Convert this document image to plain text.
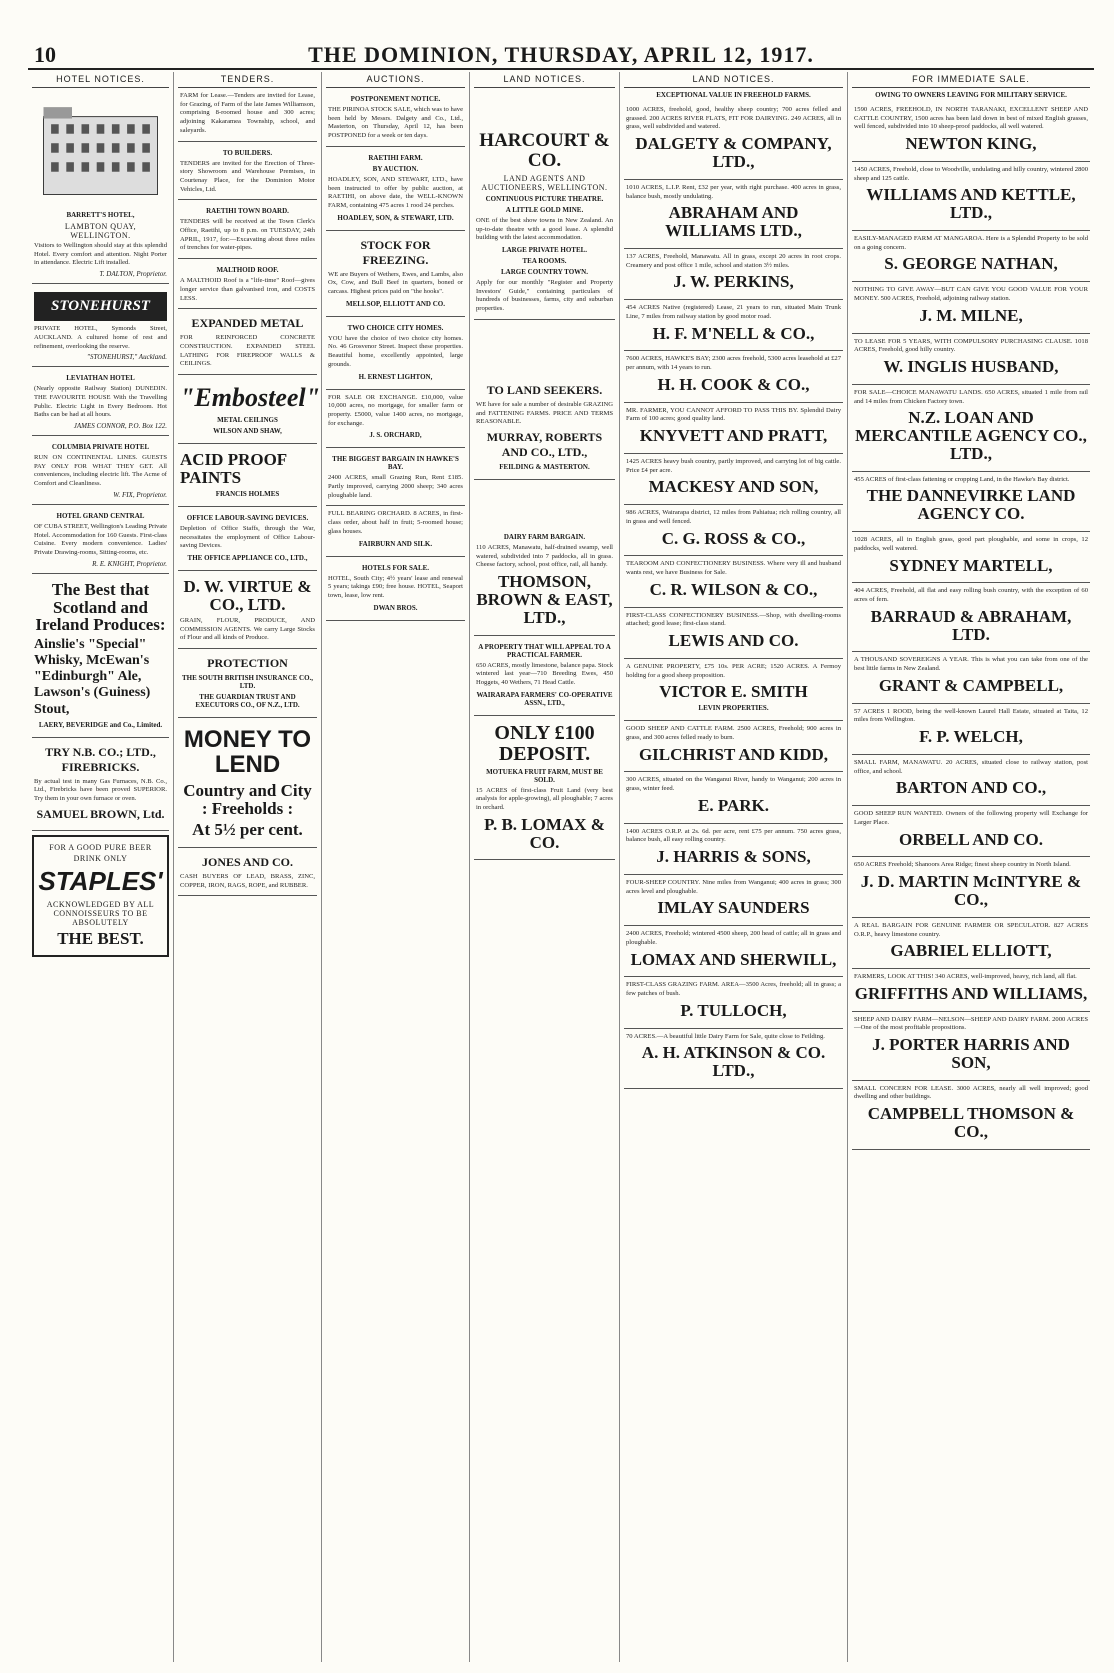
10	THE DOMINION, THURSDAY, APRIL 12, 1917.
HOTEL NOTICES.
BARRETT'S HOTEL,
LAMBTON QUAY, WELLINGTON.
Visitors to Wellington should stay at this splendid Hotel. Every comfort and attention. Night Porter in attendance. Electric Lift installed.
T. DALTON, Proprietor.
STONEHURST
PRIVATE HOTEL, Symonds Street, AUCKLAND. A cultured home of rest and refinement, overlooking the reserve.
"STONEHURST," Auckland.
LEVIATHAN HOTEL
(Nearly opposite Railway Station) DUNEDIN. THE FAVOURITE HOUSE With the Travelling Public. Electric Light in Every Bedroom. Hot Baths can be had at all hours.
JAMES CONNOR, P.O. Box 122.
COLUMBIA PRIVATE HOTEL
RUN ON CONTINENTAL LINES. GUESTS PAY ONLY FOR WHAT THEY GET. All conveniences, including electric lift. The Acme of Comfort and Cleanliness.
W. FIX, Proprietor.
HOTEL GRAND CENTRAL
OF CUBA STREET, Wellington's Leading Private Hotel. Accommodation for 160 Guests. First-class Cuisine. Every modern convenience. Ladies' Private Drawing-rooms, Sitting-rooms, etc.
R. E. KNIGHT, Proprietor.
The Best that Scotland and Ireland Produces:
Ainslie's "Special" Whisky, McEwan's "Edinburgh" Ale, Lawson's (Guiness) Stout,
LAERY, BEVERIDGE and Co., Limited.
TRY N.B. CO.; LTD., FIREBRICKS.
By actual test in many Gas Furnaces, N.B. Co., Ltd., Firebricks have been proved SUPERIOR. Try them in your own furnace or oven.
SAMUEL BROWN, Ltd.
FOR A GOOD PURE BEER
DRINK ONLY
STAPLES'
ACKNOWLEDGED BY ALL CONNOISSEURS TO BE ABSOLUTELY
THE BEST.
TENDERS.
FARM for Lease.—Tenders are invited for Lease, for Grazing, of Farm of the late James Williamson, comprising 8-roomed house and 300 acres; adjoining Kakaramea Township, school, and saleyards.
TO BUILDERS.
TENDERS are invited for the Erection of Three-story Showroom and Warehouse Premises, in Courtenay Place, for the Dominion Motor Vehicles, Ltd.
RAETIHI TOWN BOARD.
TENDERS will be received at the Town Clerk's Office, Raetihi, up to 8 p.m. on TUESDAY, 24th APRIL, 1917, for:—Excavating about three miles of trenches for water-pipes.
MALTHOID ROOF.
A MALTHOID Roof is a "life-time" Roof—gives longer service than galvanised iron, and COSTS LESS.
EXPANDED METAL
FOR REINFORCED CONCRETE CONSTRUCTION. EXPANDED STEEL LATHING FOR FIREPROOF WALLS & CEILINGS.
"Embosteel"
METAL CEILINGS
WILSON AND SHAW,
ACID PROOF PAINTS
FRANCIS HOLMES
OFFICE LABOUR-SAVING DEVICES.
Depletion of Office Staffs, through the War, necessitates the employment of Office Labour-saving Devices.
THE OFFICE APPLIANCE CO., LTD.,
D. W. VIRTUE & CO., LTD.
GRAIN, FLOUR, PRODUCE, AND COMMISSION AGENTS. We carry Large Stocks of Flour and all kinds of Produce.
PROTECTION
THE SOUTH BRITISH INSURANCE CO., LTD.
THE GUARDIAN TRUST AND EXECUTORS CO., OF N.Z., LTD.
MONEY TO LEND
Country and City : Freeholds :
At 5½ per cent.
JONES AND CO.
CASH BUYERS OF LEAD, BRASS, ZINC, COPPER, IRON, RAGS, ROPE, and RUBBER.
AUCTIONS.
POSTPONEMENT NOTICE.
THE PIRINOA STOCK SALE, which was to have been held by Messrs. Dalgety and Co., Ltd., Masterton, on Thursday, April 12, has been POSTPONED for a week or ten days.
RAETIHI FARM.
BY AUCTION.
HOADLEY, SON, AND STEWART, LTD., have been instructed to offer by public auction, at RAETIHI, on above date, the WELL-KNOWN FARM, containing 475 acres 1 rood 24 perches.
HOADLEY, SON, & STEWART, LTD.
STOCK FOR FREEZING.
WE are Buyers of Wethers, Ewes, and Lambs, also Ox, Cow, and Bull Beef in quarters, boned or carcass. Highest prices paid on "the hooks".
MELLSOP, ELLIOTT AND CO.
TWO CHOICE CITY HOMES.
YOU have the choice of two choice city homes. No. 46 Grosvenor Street. Inspect these properties. Beautiful home, excellently appointed, large grounds.
H. ERNEST LIGHTON,
FOR SALE OR EXCHANGE. £10,000, value 10,000 acres, no mortgage, for smaller farm or property. £5000, value 1400 acres, no mortgage, for exchange.
J. S. ORCHARD,
THE BIGGEST BARGAIN IN HAWKE'S BAY.
2400 ACRES, small Grazing Run, Rent £185. Partly improved, carrying 2000 sheep; 340 acres ploughable land.
FULL BEARING ORCHARD. 8 ACRES, in first-class order, about half in fruit; 5-roomed house; glass houses.
FAIRBURN AND SILK.
HOTELS FOR SALE.
HOTEL, South City; 4½ years' lease and renewal 5 years; takings £90; free house. HOTEL, Seaport town, lease, low rent.
DWAN BROS.
LAND NOTICES.
HARCOURT & CO.
LAND AGENTS AND AUCTIONEERS, WELLINGTON.
CONTINUOUS PICTURE THEATRE.
A LITTLE GOLD MINE.
ONE of the best show towns in New Zealand. An up-to-date theatre with a good lease. A splendid building with the latest accommodation.
LARGE PRIVATE HOTEL.
TEA ROOMS.
LARGE COUNTRY TOWN.
Apply for our monthly "Register and Property Investors' Guide," containing particulars of hundreds of businesses, farms, city and suburban properties.
TO LAND SEEKERS.
WE have for sale a number of desirable GRAZING and FATTENING FARMS. PRICE AND TERMS REASONABLE.
MURRAY, ROBERTS AND CO., LTD.,
FEILDING & MASTERTON.
DAIRY FARM BARGAIN.
110 ACRES, Manawatu, half-drained swamp, well watered, subdivided into 7 paddocks, all in grass. Cheese factory, school, post office, rail, all handy.
THOMSON, BROWN & EAST, LTD.,
A PROPERTY THAT WILL APPEAL TO A PRACTICAL FARMER.
650 ACRES, mostly limestone, balance papa. Stock wintered last year—710 Breeding Ewes, 450 Hoggets, 40 Wethers, 71 Head Cattle.
WAIRARAPA FARMERS' CO-OPERATIVE ASSN., LTD.,
ONLY £100 DEPOSIT.
MOTUEKA FRUIT FARM, MUST BE SOLD.
15 ACRES of first-class Fruit Land (very best analysis for apple-growing), all ploughable; 7 acres in orchard.
P. B. LOMAX & CO.
LAND NOTICES.
EXCEPTIONAL VALUE IN FREEHOLD FARMS.
1000 ACRES, freehold, good, healthy sheep country; 700 acres felled and grassed. 200 ACRES RIVER FLATS, FIT FOR DAIRYING. 249 ACRES, all in grass, well subdivided and watered.
DALGETY & COMPANY, LTD.,
1010 ACRES, L.I.P. Rent, £32 per year, with right purchase. 400 acres in grass, balance bush, mostly undulating.
ABRAHAM AND WILLIAMS LTD.,
137 ACRES, Freehold, Manawatu. All in grass, except 20 acres in root crops. Creamery and post office 1 mile, school and station 3½ miles.
J. W. PERKINS,
454 ACRES Native (registered) Lease, 21 years to run, situated Main Trunk Line, 7 miles from railway station by good motor road.
H. F. M'NELL & CO.,
7600 ACRES, HAWKE'S BAY; 2300 acres freehold, 5300 acres leasehold at £27 per annum, with 14 years to run.
H. H. COOK & CO.,
MR. FARMER, YOU CANNOT AFFORD TO PASS THIS BY. Splendid Dairy Farm of 100 acres; good quality land.
KNYVETT AND PRATT,
1425 ACRES heavy bush country, partly improved, and carrying lot of big cattle. Price £4 per acre.
MACKESY AND SON,
986 ACRES, Wairarapa district, 12 miles from Pahiatua; rich rolling country, all in grass and well fenced.
C. G. ROSS & CO.,
TEAROOM AND CONFECTIONERY BUSINESS. Where very ill and husband wants rest, we have Business for Sale.
C. R. WILSON & CO.,
FIRST-CLASS CONFECTIONERY BUSINESS.—Shop, with dwelling-rooms attached; good lease; first-class stand.
LEWIS AND CO.
A GENUINE PROPERTY, £75 10s. PER ACRE; 1520 ACRES. A Fermoy holding for a good sheep proposition.
VICTOR E. SMITH
LEVIN PROPERTIES.
GOOD SHEEP AND CATTLE FARM. 2500 ACRES, Freehold; 900 acres in grass, and 300 acres felled ready to burn.
GILCHRIST AND KIDD,
300 ACRES, situated on the Wanganui River, handy to Wanganui; 200 acres in grass, winter feed.
E. PARK.
1400 ACRES O.R.P. at 2s. 6d. per acre, rent £75 per annum. 750 acres grass, balance bush, all easy rolling country.
J. HARRIS & SONS,
FOUR-SHEEP COUNTRY. Nine miles from Wanganui; 400 acres in grass; 300 acres level and ploughable.
IMLAY SAUNDERS
2400 ACRES, Freehold; wintered 4500 sheep, 200 head of cattle; all in grass and ploughable.
LOMAX AND SHERWILL,
FIRST-CLASS GRAZING FARM. AREA—3500 Acres, freehold; all in grass; a few patches of bush.
P. TULLOCH,
70 ACRES.—A beautiful little Dairy Farm for Sale, quite close to Feilding.
A. H. ATKINSON & CO. LTD.,
FOR IMMEDIATE SALE.
OWING TO OWNERS LEAVING FOR MILITARY SERVICE.
1590 ACRES, FREEHOLD, IN NORTH TARANAKI, EXCELLENT SHEEP AND CATTLE COUNTRY, 1500 acres has been laid down in best of mixed English grasses, well fenced, subdivided into 10 sheep-proof paddocks, all well watered.
NEWTON KING,
1450 ACRES, Freehold, close to Woodville, undulating and hilly country, wintered 2800 sheep and 125 cattle.
WILLIAMS AND KETTLE, LTD.,
EASILY-MANAGED FARM AT MANGAROA. Here is a Splendid Property to be sold on a going concern.
S. GEORGE NATHAN,
NOTHING TO GIVE AWAY—BUT CAN GIVE YOU GOOD VALUE FOR YOUR MONEY. 500 ACRES, Freehold, adjoining railway station.
J. M. MILNE,
TO LEASE FOR 5 YEARS, WITH COMPULSORY PURCHASING CLAUSE. 1018 ACRES, Freehold, good hilly country.
W. INGLIS HUSBAND,
FOR SALE—CHOICE MANAWATU LANDS. 650 ACRES, situated 1 mile from rail and 14 miles from Chicken Factory town.
N.Z. LOAN AND MERCANTILE AGENCY CO., LTD.,
455 ACRES of first-class fattening or cropping Land, in the Hawke's Bay district.
THE DANNEVIRKE LAND AGENCY CO.
1028 ACRES, all in English grass, good part ploughable, and some in crops, 12 paddocks, well watered.
SYDNEY MARTELL,
404 ACRES, Freehold, all flat and easy rolling bush country, with the exception of 60 acres of fern.
BARRAUD & ABRAHAM, LTD.
A THOUSAND SOVEREIGNS A YEAR. This is what you can take from one of the best little farms in New Zealand.
GRANT & CAMPBELL,
57 ACRES 1 ROOD, being the well-known Laurel Hall Estate, situated at Taita, 12 miles from Wellington.
F. P. WELCH,
SMALL FARM, MANAWATU. 20 ACRES, situated close to railway station, post office, and school.
BARTON AND CO.,
GOOD SHEEP RUN WANTED. Owners of the following property will Exchange for Larger Place.
ORBELL AND CO.
650 ACRES Freehold; Shanoors Area Ridge; finest sheep country in North Island.
J. D. MARTIN McINTYRE & CO.,
A REAL BARGAIN FOR GENUINE FARMER OR SPECULATOR. 827 ACRES O.R.P., heavy limestone country.
GABRIEL ELLIOTT,
FARMERS, LOOK AT THIS! 340 ACRES, well-improved, heavy, rich land, all flat.
GRIFFITHS AND WILLIAMS,
SHEEP AND DAIRY FARM—NELSON—SHEEP AND DAIRY FARM. 2000 ACRES—One of the most profitable propositions.
J. PORTER HARRIS AND SON,
SMALL CONCERN FOR LEASE. 3000 ACRES, nearly all well improved; good dwelling and other buildings.
CAMPBELL THOMSON & CO.,
